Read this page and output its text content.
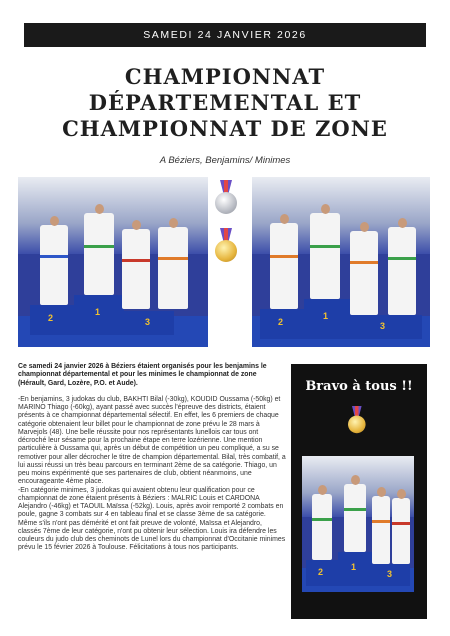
SAMEDI 24 JANVIER 2026
CHAMPIONNAT
DÉPARTEMENTAL ET
CHAMPIONNAT DE ZONE
A Béziers, Benjamins/ Minimes
2
1
3	2
1
3

Ce samedi 24 janvier 2026 à Béziers étaient organisés pour les benjamins le championnat départemental et pour les minimes le championnat de zone (Hérault, Gard, Lozère, P.O. et Aude).

-En benjamins, 3 judokas du club, BAKHTI Bilal (-30kg), KOUDID Oussama (-50kg) et MARINO Thiago (-60kg), ayant passé avec succès l'épreuve des districts, étaient présents à ce championnat départemental sélectif. En effet, les 6 premiers de chaque catégorie obtenaient leur billet pour le championnat de zone prévu le 28 mars à Marvejols (48). Une belle réussite pour nos représentants lunellois car tous ont décroché leur sésame pour la prochaine étape en terre lozérienne. Une mention particulière à Oussama qui, après un début de compétition un peu compliqué, a su se remotiver pour aller décrocher le titre de champion départemental. Bilal, très combatif, a lui aussi réussi un très beau parcours en terminant 2ème de sa catégorie. Thiago, un peu moins expérimenté que ses partenaires de club, obtient néanmoins, une encourageante 4ème place.

-En catégorie minimes, 3 judokas qui avaient obtenu leur qualification pour ce championnat de zone étaient présents à Béziers : MALRIC Louis et CARDONA Alejandro (-46kg) et TAOUIL Maïssa (-52kg). Louis, après avoir remporté 2 combats en poule, gagne 3 combats sur 4 en tableau final et se classe 3ème de sa catégorie. Même s'ils n'ont pas démérité et ont fait preuve de volonté, Maïssa et Alejandro, classés 7ème de leur catégorie, n'ont pu obtenir leur sélection. Louis ira défendre les couleurs du judo club des cheminots de Lunel lors du championnat d'Occitanie minimes prévu le 15 février 2026 à Toulouse. Félicitations à tous nos participants.

Bravo à tous !!
2	1
3
